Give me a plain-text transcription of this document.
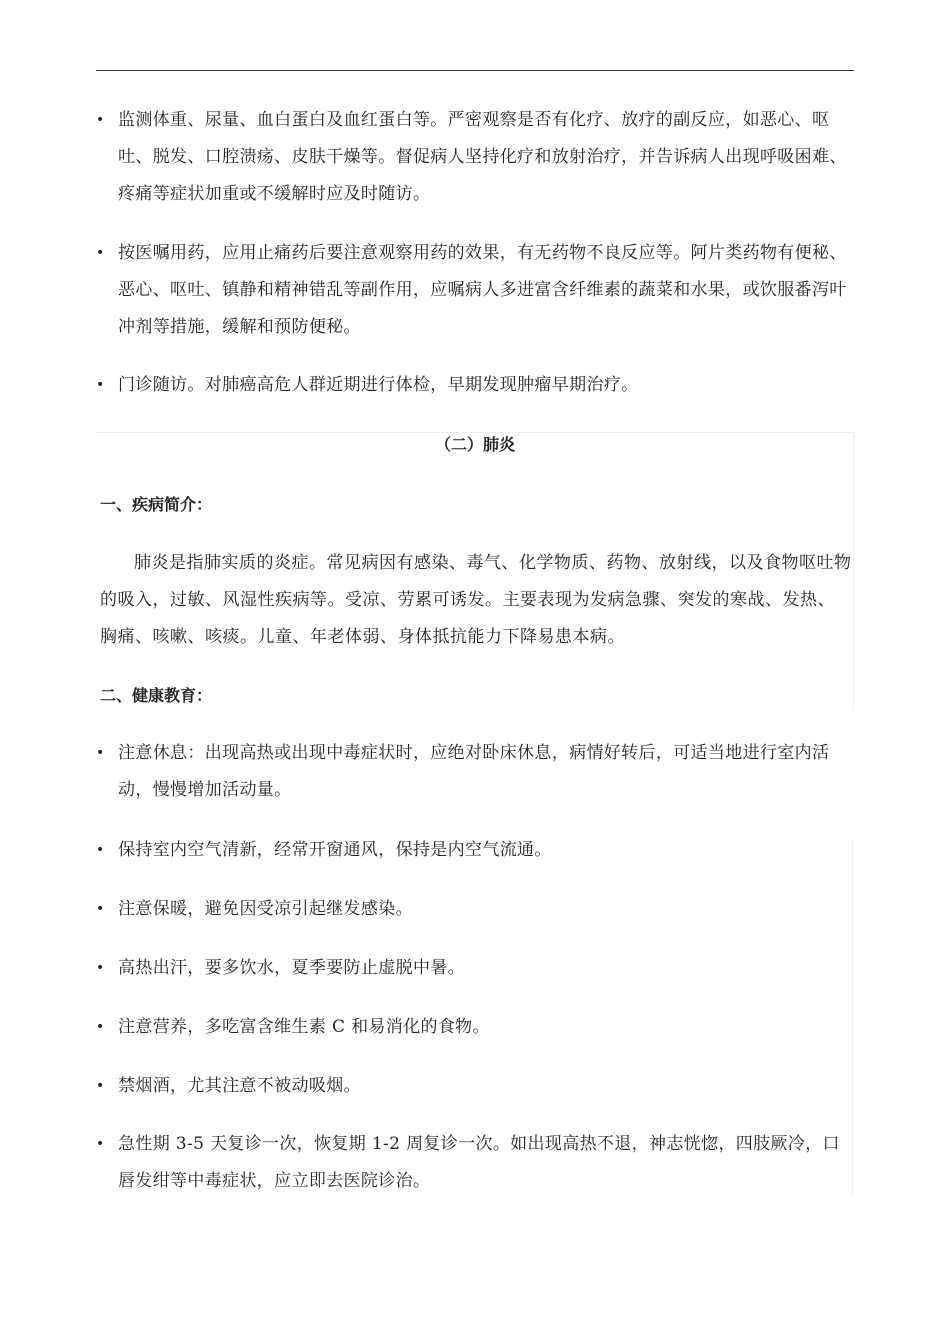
• 监测体重、尿量、血白蛋白及血红蛋白等。严密观察是否有化疗、放疗的副反应，如恶心、呕吐、脱发、口腔溃疡、皮肤干燥等。督促病人坚持化疗和放射治疗，并告诉病人出现呼吸困难、疼痛等症状加重或不缓解时应及时随访。
• 按医嘱用药，应用止痛药后要注意观察用药的效果，有无药物不良反应等。阿片类药物有便秘、恶心、呕吐、镇静和精神错乱等副作用，应嘱病人多进富含纤维素的蔬菜和水果，或饮服番泻叶冲剂等措施，缓解和预防便秘。
• 门诊随访。对肺癌高危人群近期进行体检，早期发现肿瘤早期治疗。
（二）肺炎
一、疾病简介：
肺炎是指肺实质的炎症。常见病因有感染、毒气、化学物质、药物、放射线，以及食物呕吐物的吸入，过敏、风湿性疾病等。受凉、劳累可诱发。主要表现为发病急骤、突发的寒战、发热、胸痛、咳嗽、咳痰。儿童、年老体弱、身体抵抗能力下降易患本病。
二、健康教育：
• 注意休息：出现高热或出现中毒症状时，应绝对卧床休息，病情好转后，可适当地进行室内活动，慢慢增加活动量。
• 保持室内空气清新，经常开窗通风，保持是内空气流通。
• 注意保暖，避免因受凉引起继发感染。
• 高热出汗，要多饮水，夏季要防止虚脱中暑。
• 注意营养，多吃富含维生素 C 和易消化的食物。
• 禁烟酒，尤其注意不被动吸烟。
• 急性期 3-5 天复诊一次，恢复期 1-2 周复诊一次。如出现高热不退，神志恍惚，四肢厥冷，口唇发绀等中毒症状，应立即去医院诊治。
